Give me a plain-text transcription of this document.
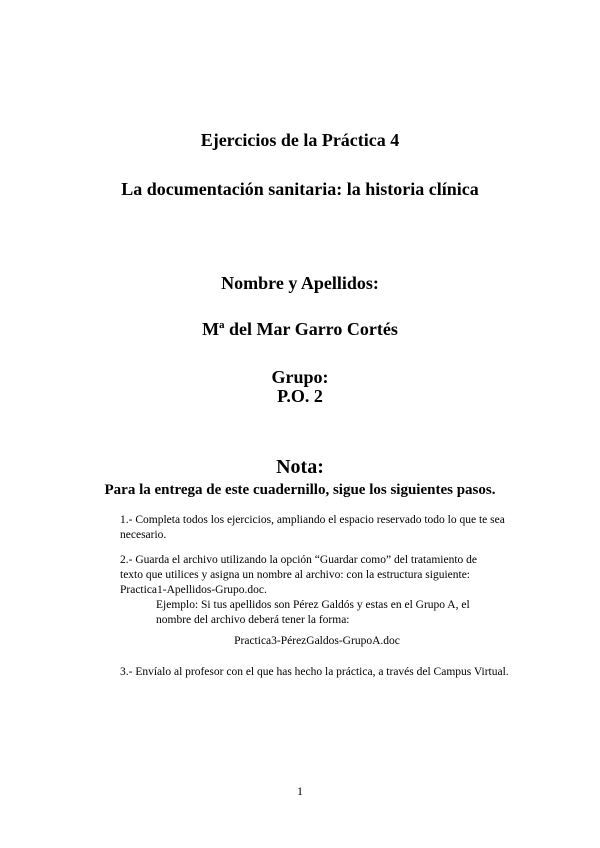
Ejercicios de la Práctica 4
La documentación sanitaria: la historia clínica
Nombre y Apellidos:
Mª del Mar Garro Cortés
Grupo:
P.O. 2
Nota:
Para la entrega de este cuadernillo, sigue los siguientes pasos.

1.- Completa todos los ejercicios, ampliando el espacio reservado todo lo que te sea necesario.

2.- Guarda el archivo utilizando la opción “Guardar como” del tratamiento de

texto que utilices y asigna un nombre al archivo: con la estructura siguiente:

Practica1-Apellidos-Grupo.doc.

Ejemplo: Si tus apellidos son Pérez Galdós y estas en el Grupo A, el

nombre del archivo deberá tener la forma:

Practica3-PérezGaldos-GrupoA.doc

3.- Envíalo al profesor con el que has hecho la práctica, a través del Campus Virtual.

1
